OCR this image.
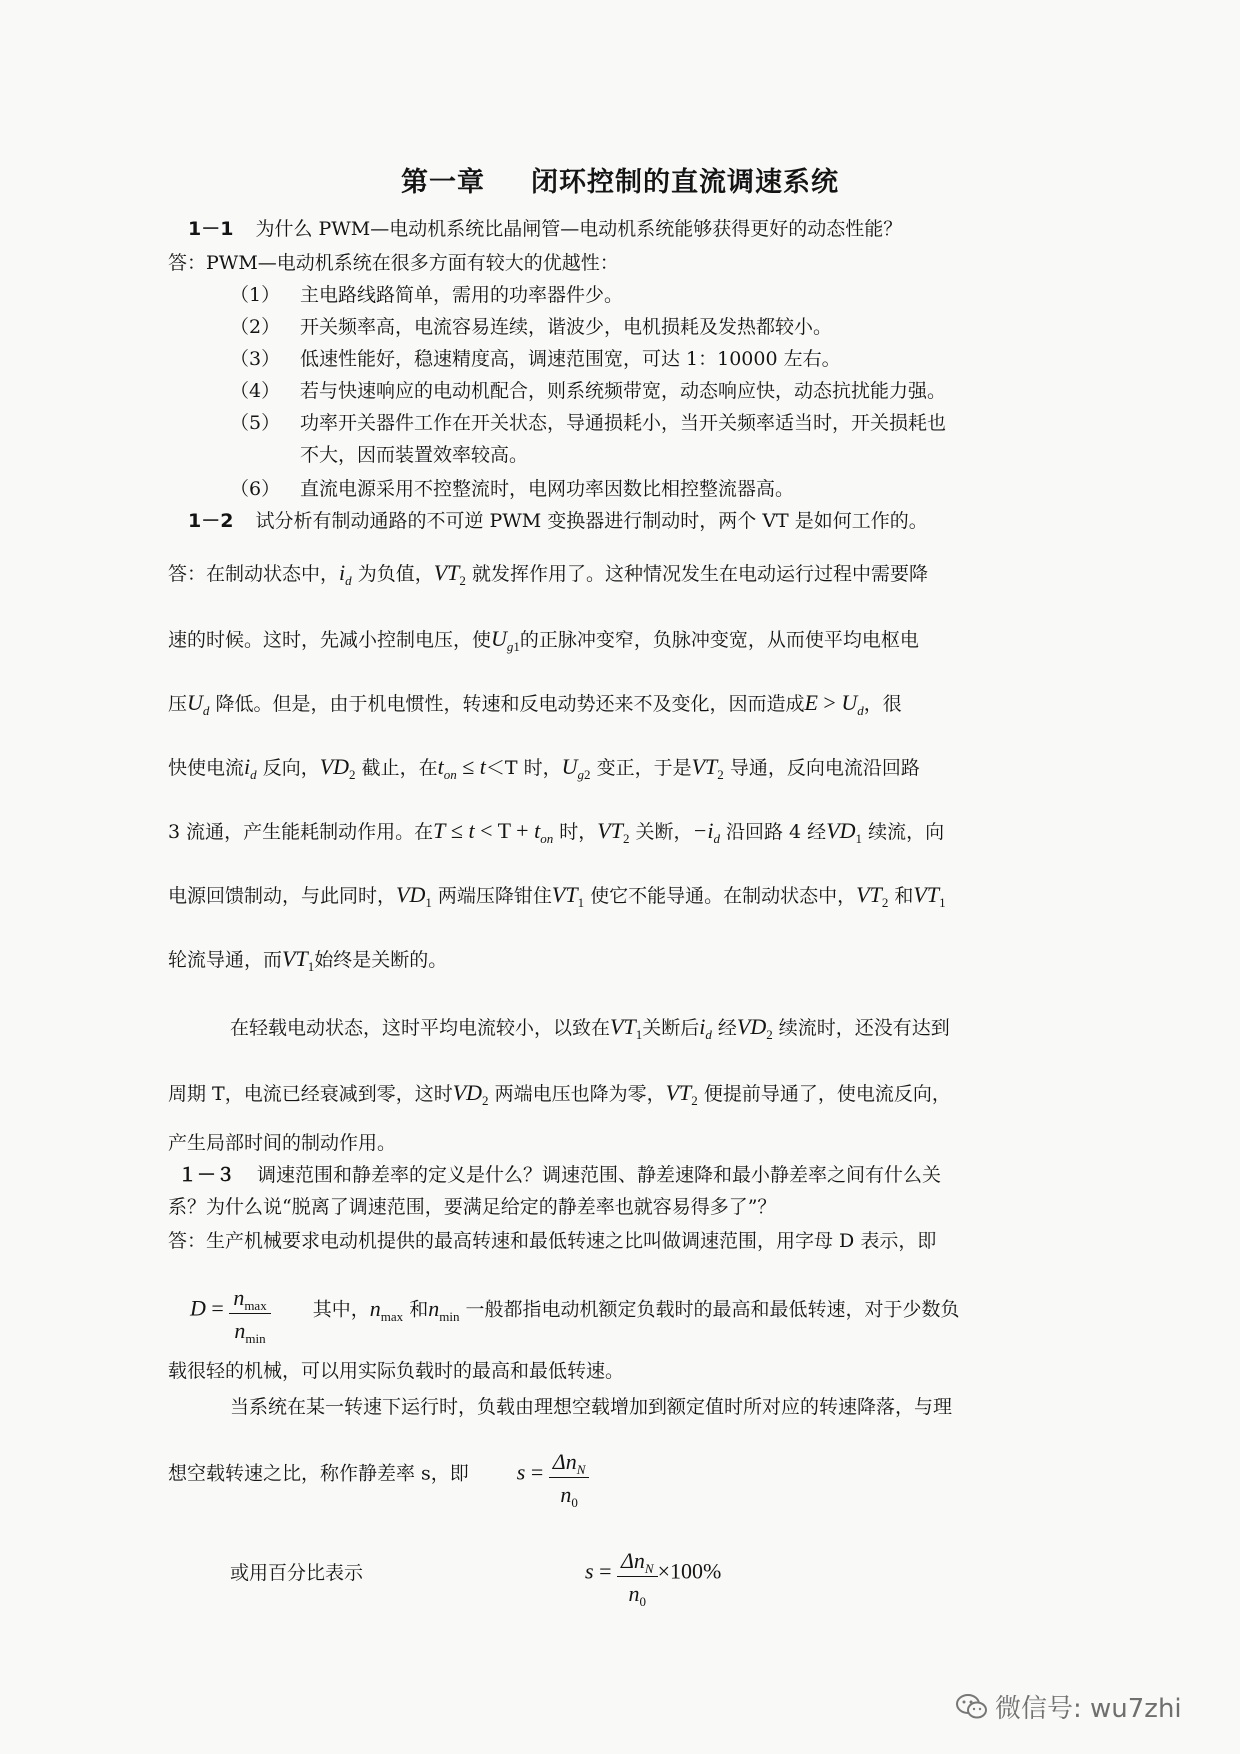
第一章 闭环控制的直流调速系统
1－1 为什么 PWM—电动机系统比晶闸管—电动机系统能够获得更好的动态性能？
答：PWM—电动机系统在很多方面有较大的优越性：
（1） 主电路线路简单，需用的功率器件少。
（2） 开关频率高，电流容易连续，谐波少，电机损耗及发热都较小。
（3） 低速性能好，稳速精度高，调速范围宽，可达 1：10000 左右。
（4） 若与快速响应的电动机配合，则系统频带宽，动态响应快，动态抗扰能力强。
（5） 功率开关器件工作在开关状态，导通损耗小，当开关频率适当时，开关损耗也
不大，因而装置效率较高。
（6） 直流电源采用不控整流时，电网功率因数比相控整流器高。
1－2 试分析有制动通路的不可逆 PWM 变换器进行制动时，两个 VT 是如何工作的。
答：在制动状态中，$i_d$ 为负值，$VT_2$ 就发挥作用了。这种情况发生在电动运行过程中需要降
速的时候。这时，先减小控制电压，使$U_{g1}$的正脉冲变窄，负脉冲变宽，从而使平均电枢电
压$U_d$ 降低。但是，由于机电惯性，转速和反电动势还来不及变化，因而造成$E > U_d$，很
快使电流$i_d$ 反向，$VD_2$ 截止，在$t_{on} \le t<T$ 时，$U_{g2}$ 变正，于是$VT_2$ 导通，反向电流沿回路
3 流通，产生能耗制动作用。在$T \le t < T + t_{on}$ 时，$VT_2$ 关断，$-i_d$ 沿回路 4 经$VD_1$ 续流，向
电源回馈制动，与此同时，$VD_1$ 两端压降钳住$VT_1$ 使它不能导通。在制动状态中，$VT_2$ 和$VT_1$
轮流导通，而$VT_1$始终是关断的。
在轻载电动状态，这时平均电流较小，以致在$VT_1$关断后$i_d$ 经$VD_2$ 续流时，还没有达到
周期 T，电流已经衰减到零，这时$VD_2$ 两端电压也降为零，$VT_2$ 便提前导通了，使电流反向，
产生局部时间的制动作用。
１－３ 调速范围和静差率的定义是什么？调速范围、静差速降和最小静差率之间有什么关
系？为什么说“脱离了调速范围，要满足给定的静差率也就容易得多了”？
答：生产机械要求电动机提供的最高转速和最低转速之比叫做调速范围，用字母 D 表示，即
$D = \frac{n_{max}}{n_{min}}$ 其中，$n_{max}$ 和$n_{min}$ 一般都指电动机额定负载时的最高和最低转速，对于少数负
载很轻的机械，可以用实际负载时的最高和最低转速。
当系统在某一转速下运行时，负载由理想空载增加到额定值时所对应的转速降落，与理
想空载转速之比，称作静差率 s，即 $s = \frac{\Delta n_N}{n_0}$
或用百分比表示	$s = \frac{\Delta n_N}{n_0} \times 100\%$
微信号: wu7zhi
